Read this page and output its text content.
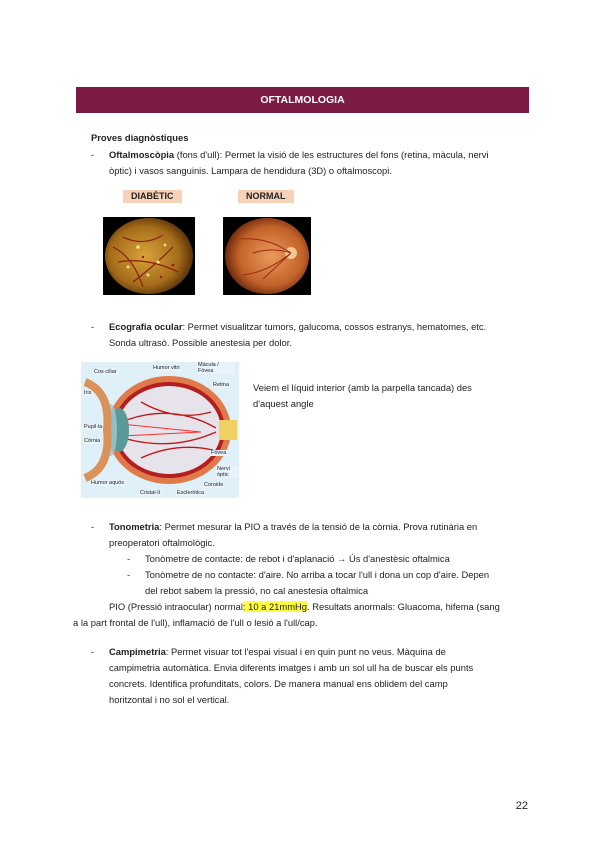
OFTALMOLOGIA
Proves diagnòstiques
- Oftalmoscòpia (fons d'ull): Permet la visió de les estructures del fons (retina, màcula, nervi
òptic) i vasos sanguinis. Lampara de hendidura (3D) o oftalmoscopi.
DIABÈTIC	NORMAL
- Ecografia ocular: Permet visualitzar tumors, galucoma, cossos estranys, hematomes, etc.
Sonda ultrasò. Possible anestesia per dolor.
Cos ciliar
Iris
Pupil·la
Còrnia
Humor aquós
Cristal·lí
Humor vitri
Escleròtica
Mácula / Fòvea
Retina
Nervi òptic
Coroide
Fòvea
Veiem el líquid interior (amb la parpella tancada) des
d'aquest angle
- Tonometria: Permet mesurar la PIO a través de la tensió de la còrnia. Prova rutinària en
preoperatori oftalmològic.
- Tonòmetre de contacte: de rebot i d'aplanació → Ús d'anestèsic oftalmica
- Tonòmetre de no contacte: d'aire. No arriba a tocar l'ull i dona un cop d'aire. Depen
del rebot sabem la pressió, no cal anestesia oftalmica
PIO (Pressió intraocular) normal: 10 a 21mmHg. Resultats anormals: Gluacoma, hifema (sang
a la part frontal de l'ull), inflamació de l'ull o lesió a l'ull/cap.
- Campimetria: Permet visuar tot l'espai visual i en quin punt no veus. Màquina de
campimetria automàtica. Envia diferents imatges i amb un sol ull ha de buscar els punts
concrets. Identifica profunditats, colors. De manera manual ens oblidem del camp
horitzontal i no sol el vertical.
22
